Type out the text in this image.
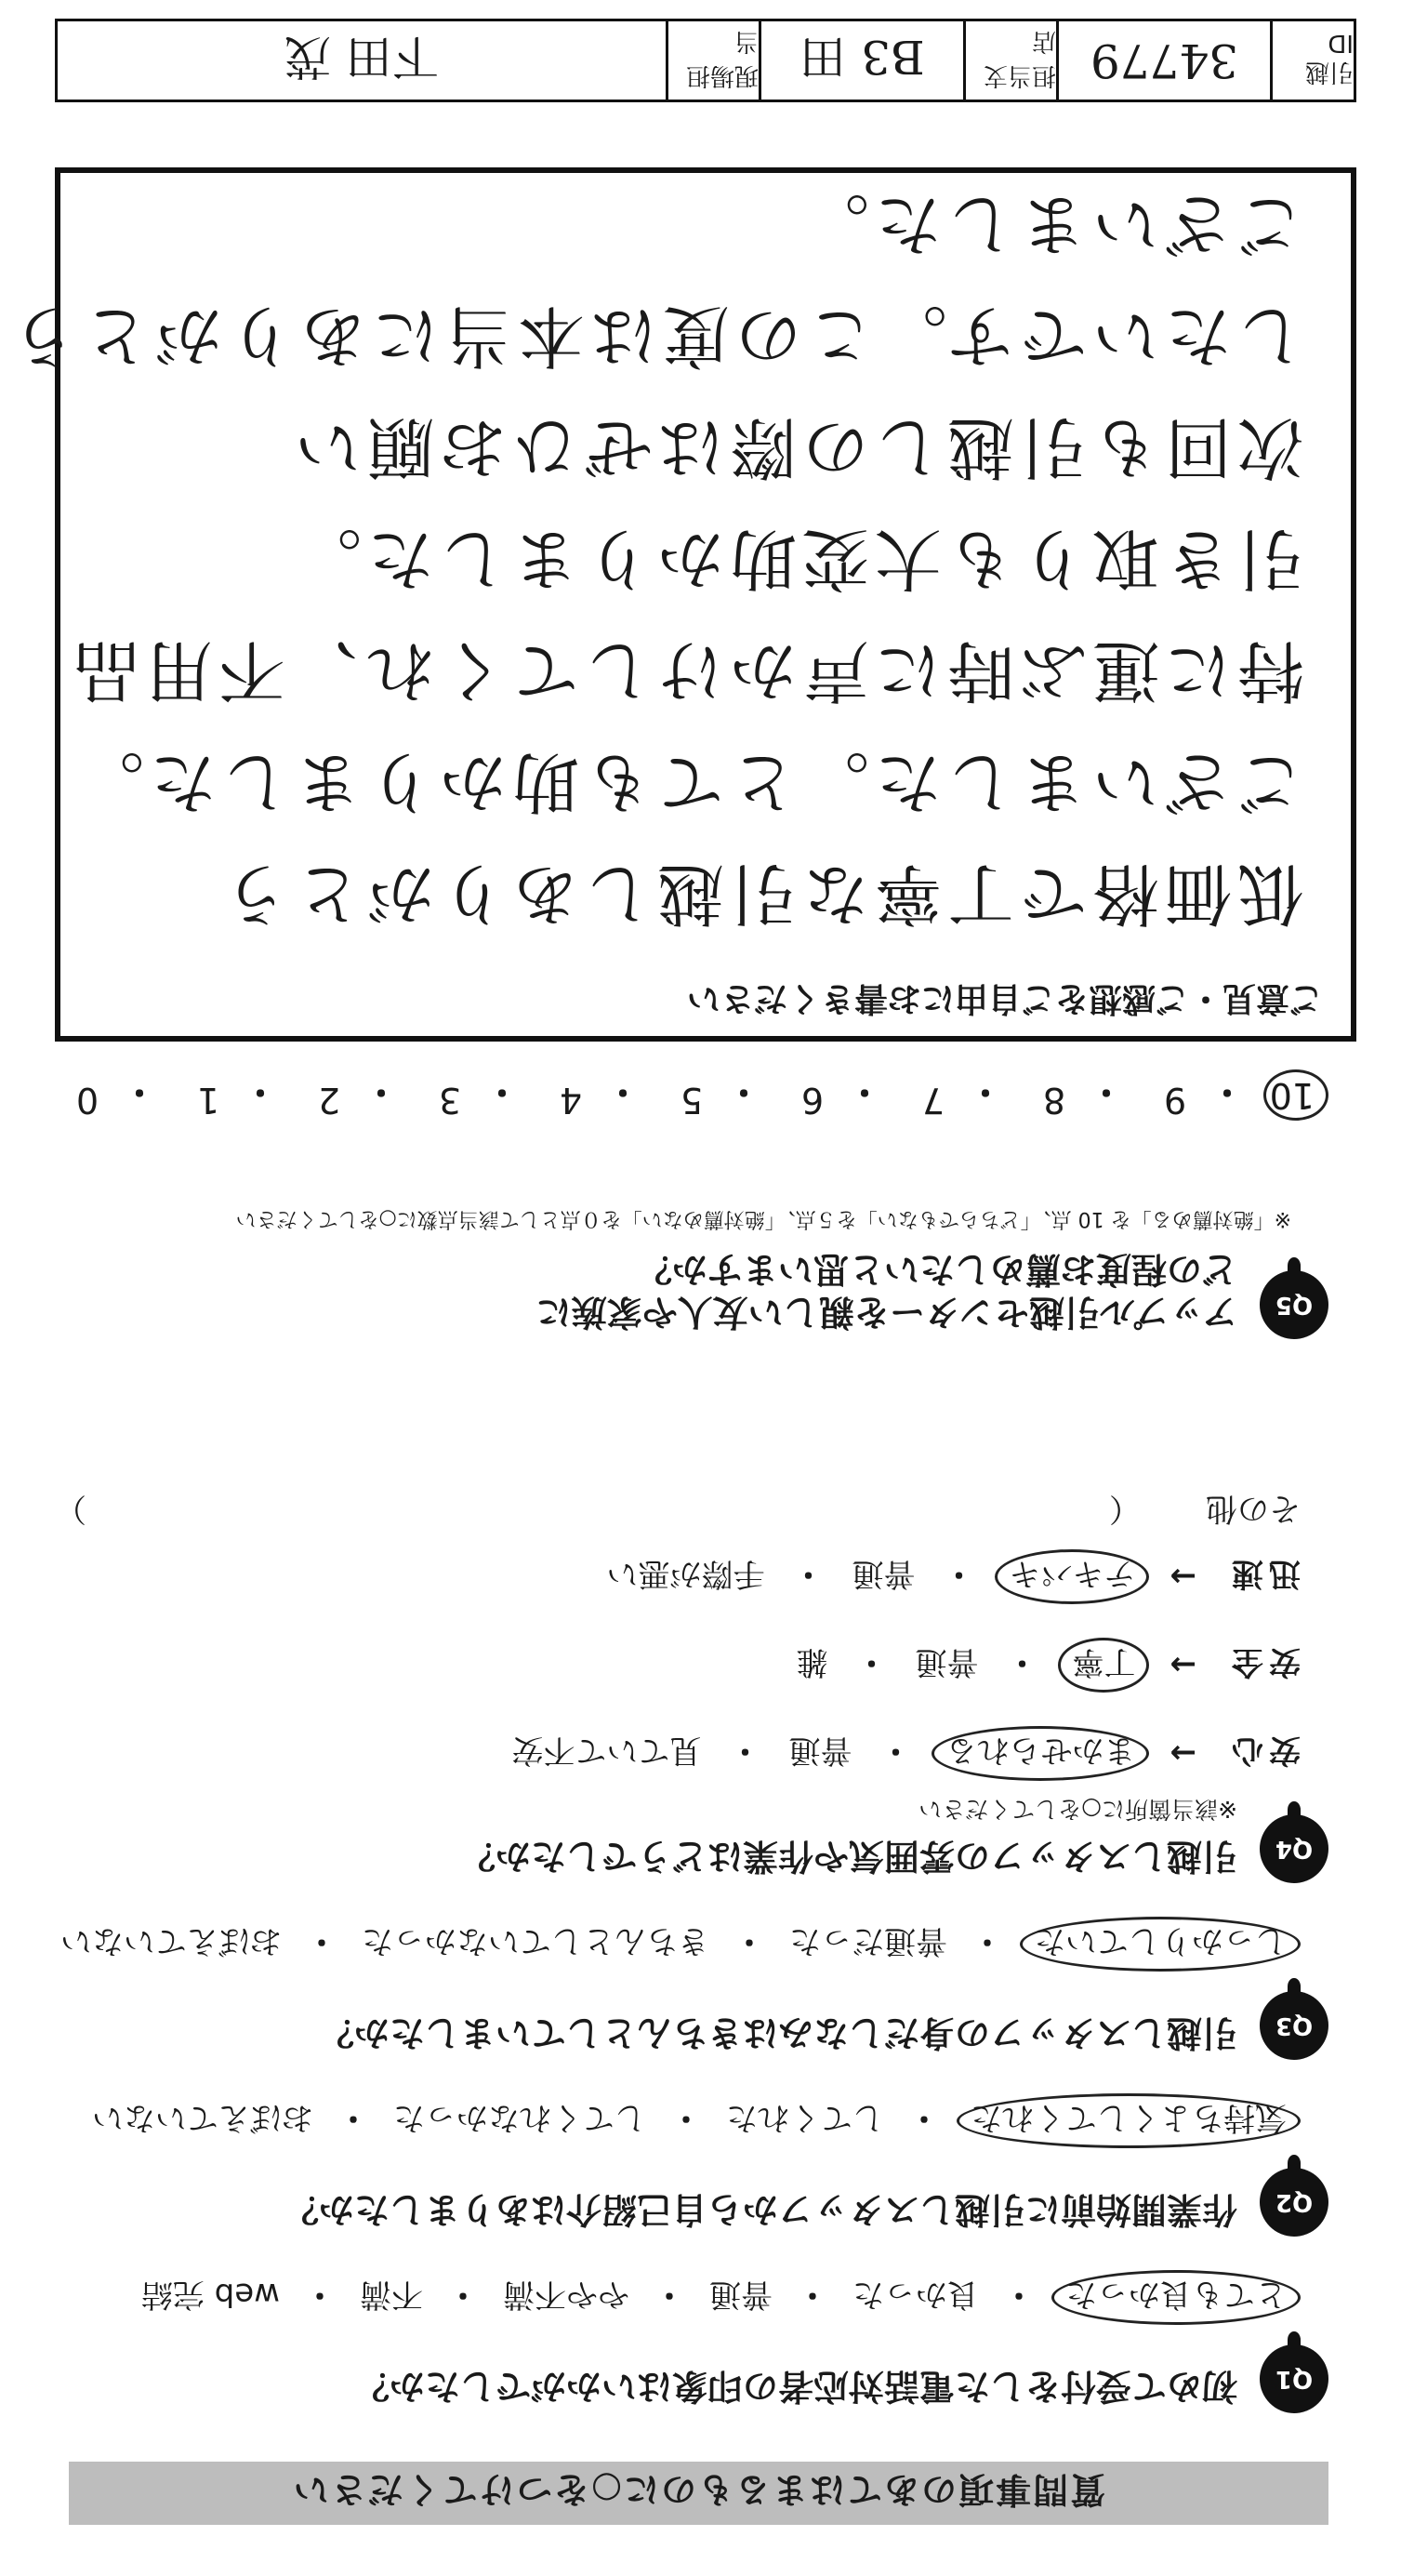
質問事項のあてはまるものに○をつけてください
Q1
初めて受付をした電話対応者の印象はいかがでしたか？
とても良かった
・
良かった
・
普通
・
やや不満
・
不満
・
web 完結
Q2
作業開始前に引越しスタッフから自己紹介はありましたか？
気持ちよくしてくれた
・
してくれた
・
してくれなかった
・
おぼえていない
Q3
引越しスタッフの身だしなみはきちんとしていましたか？
しっかりしていた
・
普通だった
・
きちんとしていなかった
・
おぼえていない
Q4
引越しスタッフの雰囲気や作業はどうでしたか？
※該当箇所に○をしてください
安心
→
まかせられる
・
普通
・
見ていて不安
安全
→
丁寧
・
普通
・
雑
迅速
→
テキパキ
・
普通
・
手際が悪い
その他
（）
Q5
アップル引越センターを親しい友人や家族に
どの程度お薦めしたいと思いますか？
※「絶対薦める」を 10 点、「どちらでもない」を５点、「絶対薦めない」を０点として該当点数に○をしてください
10
・
9
・
8
・
7
・
6
・
5
・
4
・
3
・
2
・
1
・
0
ご意見・ご感想をご自由にお書きください
低価格で丁寧な引越しありがとう
ございました。とても助かりました。
特に運ぶ時に声かけしてくれ、不用品
引き取りも大変助かりました。
次回も引越しの際はぜひお願い
したいです。この度は本当にありがとう
ございました。
引越 ID
34779
担当支店
B3 田
現場担当
下田 茂
